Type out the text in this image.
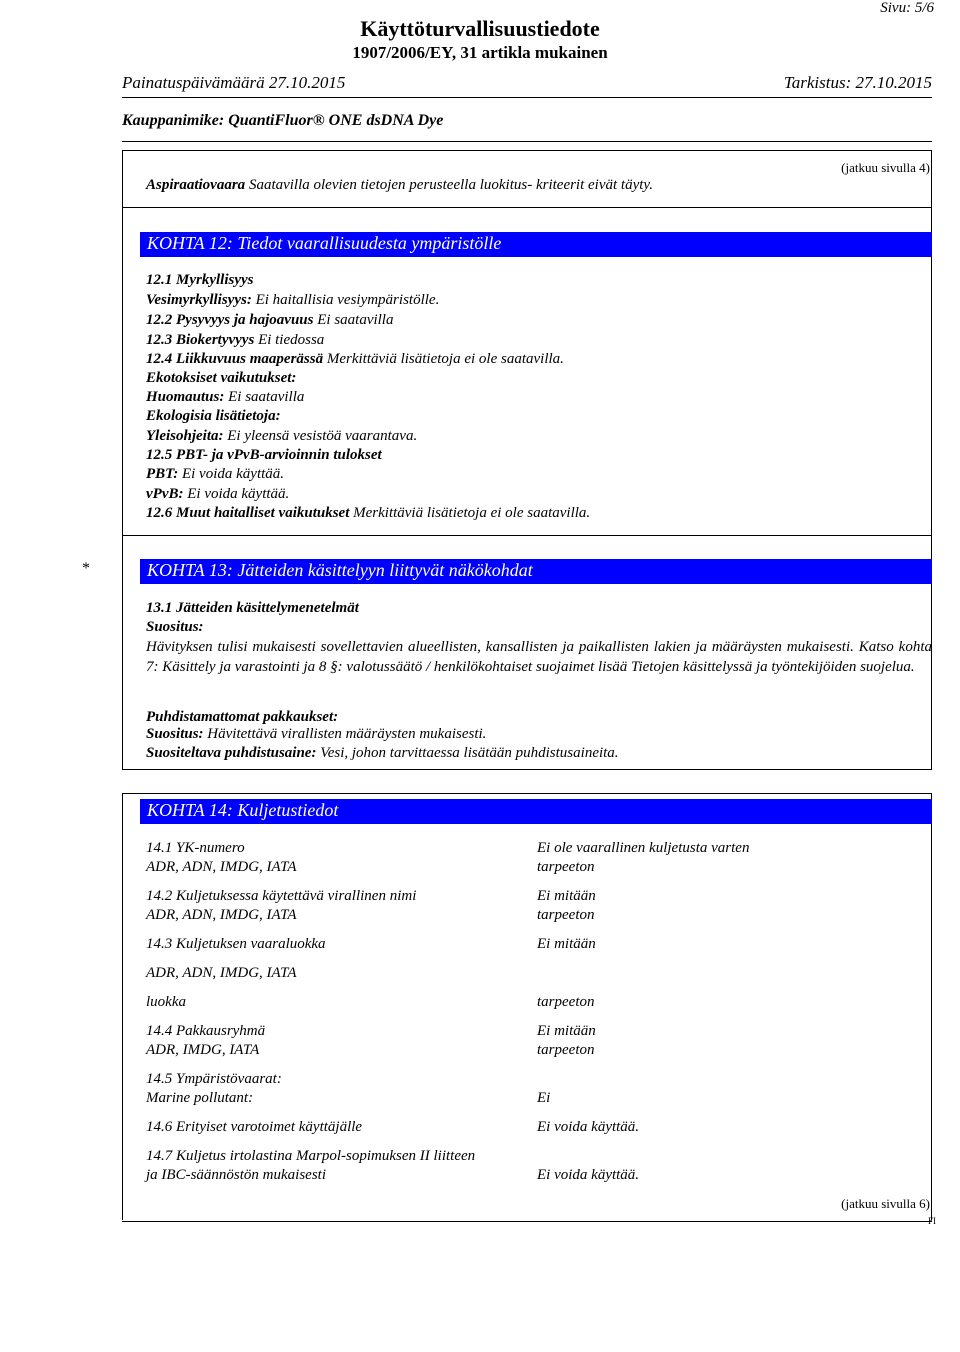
Sivu: 5/6
Käyttöturvallisuustiedote
1907/2006/EY, 31 artikla mukainen
Painatuspäivämäärä 27.10.2015	Tarkistus: 27.10.2015
Kauppanimike: QuantiFluor® ONE dsDNA Dye
(jatkuu sivulla 4)
Aspiraatiovaara Saatavilla olevien tietojen perusteella luokitus- kriteerit eivät täyty.
KOHTA 12: Tiedot vaarallisuudesta ympäristölle
12.1 Myrkyllisyys
Vesimyrkyllisyys: Ei haitallisia vesiympäristölle.
12.2 Pysyvyys ja hajoavuus Ei saatavilla
12.3 Biokertyvyys Ei tiedossa
12.4 Liikkuvuus maaperässä Merkittäviä lisätietoja ei ole saatavilla.
Ekotoksiset vaikutukset:
Huomautus: Ei saatavilla
Ekologisia lisätietoja:
Yleisohjeita: Ei yleensä vesistöä vaarantava.
12.5 PBT- ja vPvB-arvioinnin tulokset
PBT: Ei voida käyttää.
vPvB: Ei voida käyttää.
12.6 Muut haitalliset vaikutukset Merkittäviä lisätietoja ei ole saatavilla.
*	KOHTA 13: Jätteiden käsittelyyn liittyvät näkökohdat
13.1 Jätteiden käsittelymenetelmät
Suositus:
Hävityksen tulisi mukaisesti sovellettavien alueellisten, kansallisten ja paikallisten lakien ja määräysten mukaisesti. Katso kohta 7: Käsittely ja varastointi ja 8 §: valotussäätö / henkilökohtaiset suojaimet lisää Tietojen käsittelyssä ja työntekijöiden suojelua.
Puhdistamattomat pakkaukset:
Suositus: Hävitettävä virallisten määräysten mukaisesti.
Suositeltava puhdistusaine: Vesi, johon tarvittaessa lisätään puhdistusaineita.
KOHTA 14: Kuljetustiedot
14.1 YK-numero	Ei ole vaarallinen kuljetusta varten
ADR, ADN, IMDG, IATA	tarpeeton
14.2 Kuljetuksessa käytettävä virallinen nimi	Ei mitään
ADR, ADN, IMDG, IATA	tarpeeton
14.3 Kuljetuksen vaaraluokka	Ei mitään
ADR, ADN, IMDG, IATA
luokka	tarpeeton
14.4 Pakkausryhmä	Ei mitään
ADR, IMDG, IATA	tarpeeton
14.5 Ympäristövaarat:
Marine pollutant:	Ei
14.6 Erityiset varotoimet käyttäjälle	Ei voida käyttää.
14.7 Kuljetus irtolastina Marpol-sopimuksen II liitteen
ja IBC-säännöstön mukaisesti	Ei voida käyttää.
(jatkuu sivulla 6)
FI
